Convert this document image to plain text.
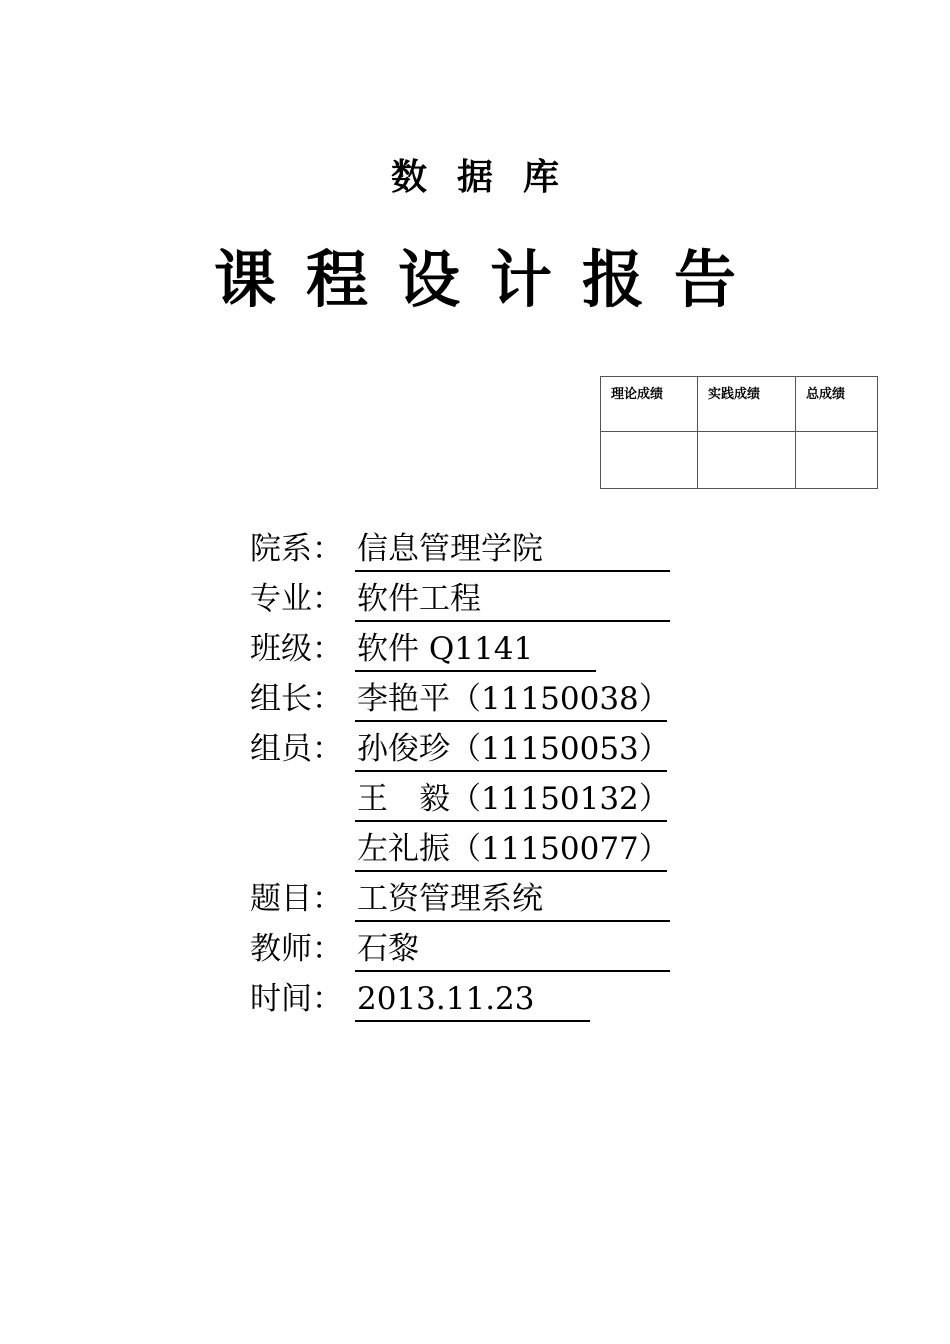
数据库
课程设计报告
理论成绩	实践成绩	总成绩

院系： 信息管理学院
专业： 软件工程
班级： 软件 Q1141
组长： 李艳平（11150038）
组员： 孙俊珍（11150053）
王　毅（11150132）
左礼振（11150077）
题目： 工资管理系统
教师： 石黎
时间： 2013.11.23
